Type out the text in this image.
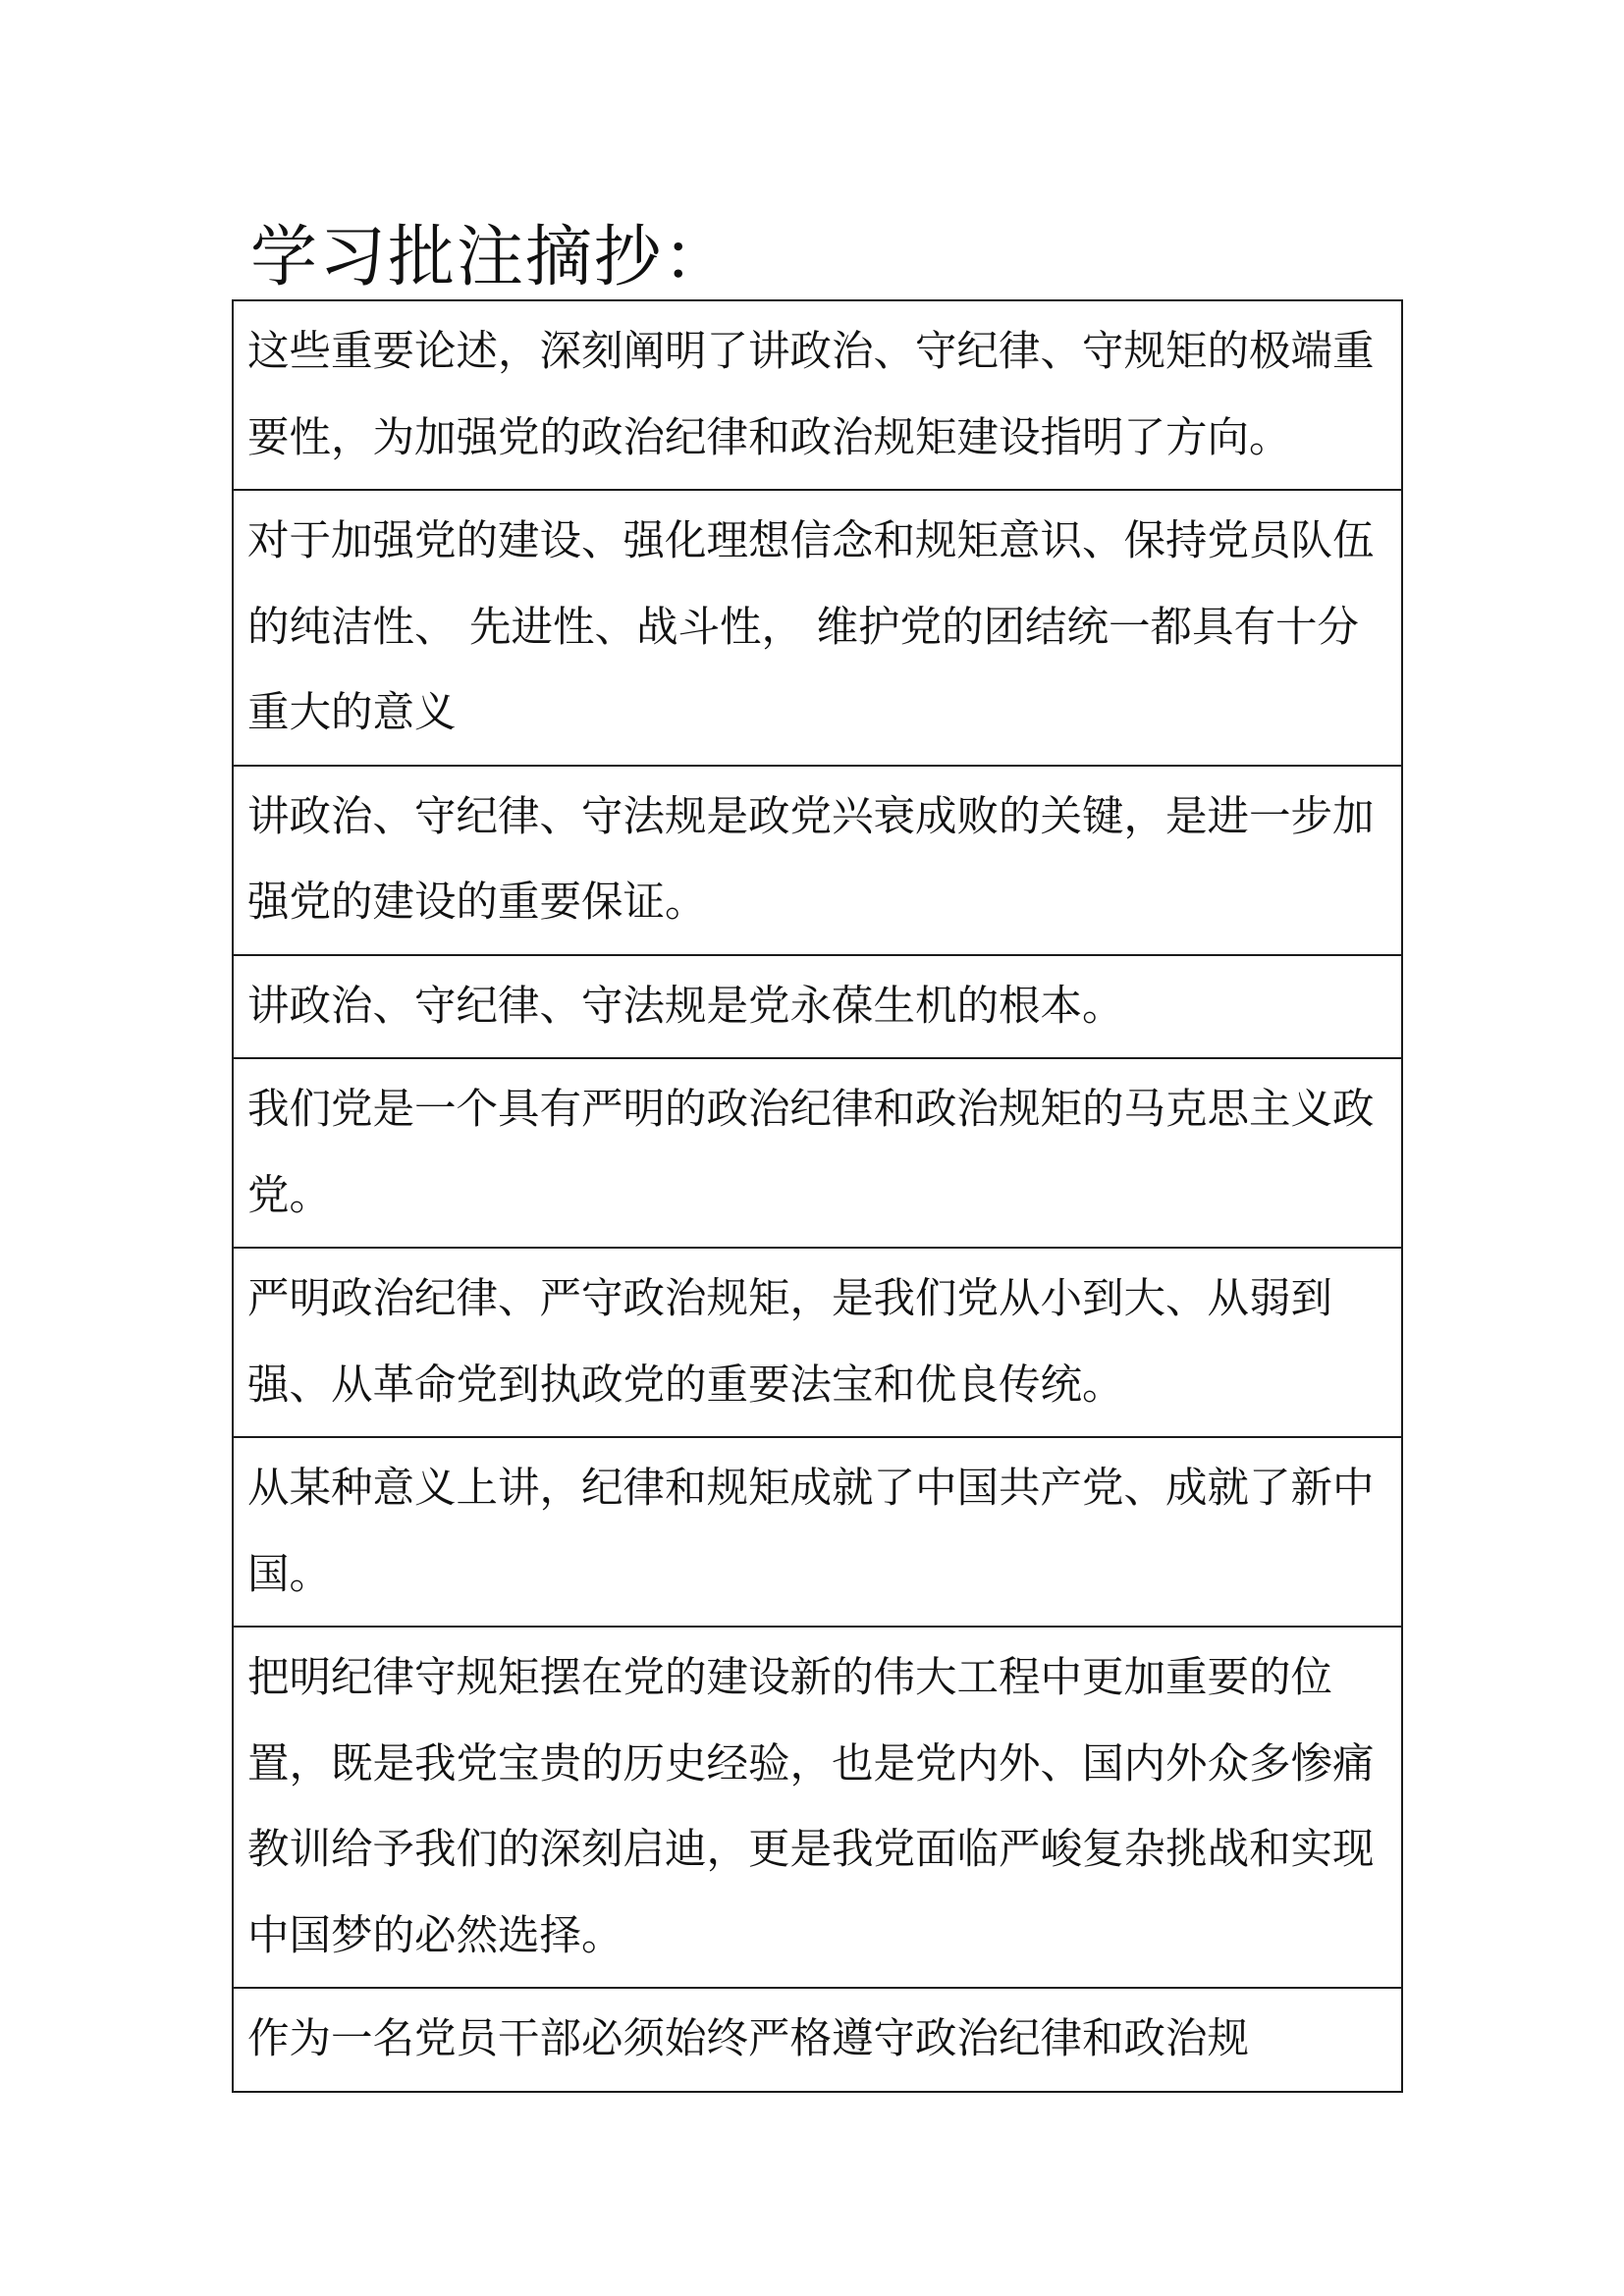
学习批注摘抄：
这些重要论述，深刻阐明了讲政治、守纪律、守规矩的极端重要性，为加强党的政治纪律和政治规矩建设指明了方向。
对于加强党的建设、强化理想信念和规矩意识、保持党员队伍的纯洁性、 先进性、战斗性， 维护党的团结统一都具有十分重大的意义
讲政治、守纪律、守法规是政党兴衰成败的关键，是进一步加强党的建设的重要保证。
讲政治、守纪律、守法规是党永葆生机的根本。
我们党是一个具有严明的政治纪律和政治规矩的马克思主义政党。
严明政治纪律、严守政治规矩，是我们党从小到大、从弱到强、从革命党到执政党的重要法宝和优良传统。
从某种意义上讲，纪律和规矩成就了中国共产党、成就了新中国。
把明纪律守规矩摆在党的建设新的伟大工程中更加重要的位置，既是我党宝贵的历史经验，也是党内外、国内外众多惨痛教训给予我们的深刻启迪，更是我党面临严峻复杂挑战和实现中国梦的必然选择。
作为一名党员干部必须始终严格遵守政治纪律和政治规
